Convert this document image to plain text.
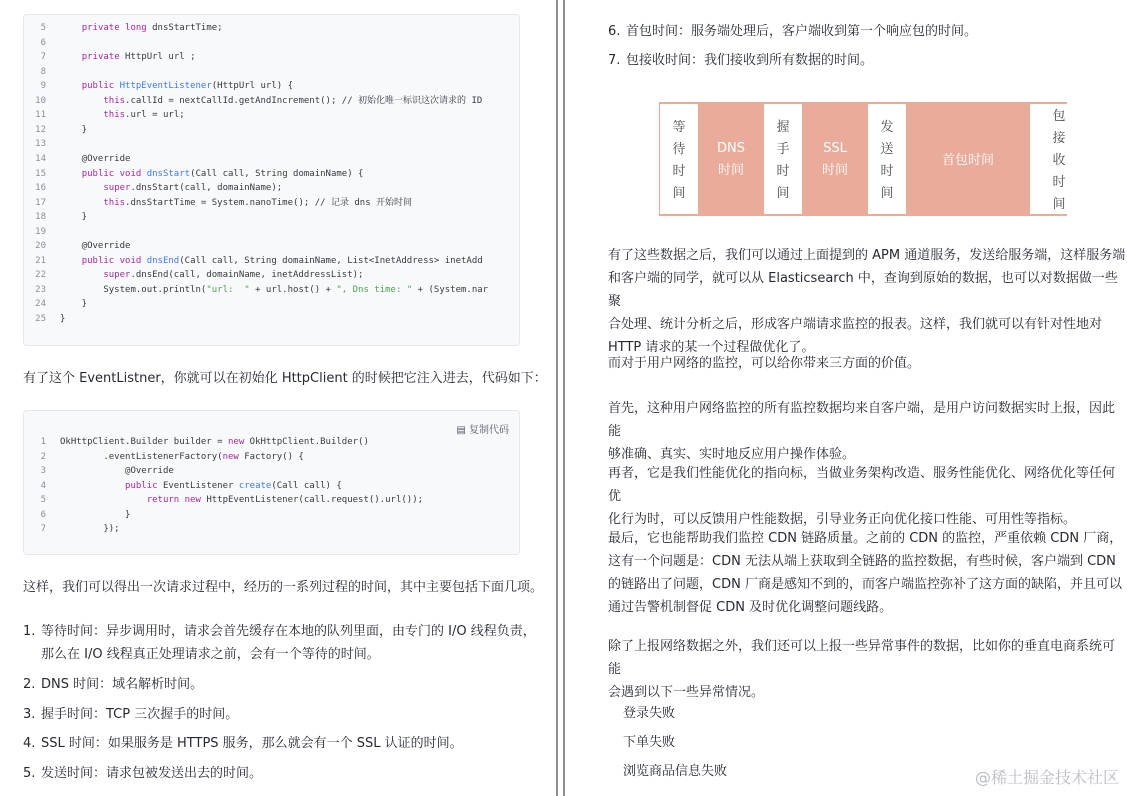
5	private long dnsStartTime;
6
7	private HttpUrl url ;
8
9	public HttpEventListener(HttpUrl url) {
10	this.callId = nextCallId.getAndIncrement(); // 初始化唯一标识这次请求的 ID
11	this.url = url;
12    }
13
14    @Override
15	public void dnsStart(Call call, String domainName) {
16	super.dnsStart(call, domainName);
17	this.dnsStartTime = System.nanoTime(); // 记录 dns 开始时间
18    }
19
20    @Override
21	public void dnsEnd(Call call, String domainName, List<InetAddress> inetAdd
22	super.dnsEnd(call, domainName, inetAddressList);
23        System.out.println("url:  " + url.host() + ", Dns time: " + (System.nar
24    }
25 }
有了这个 EventListner，你就可以在初始化 HttpClient 的时候把它注入进去，代码如下：
▤ 复制代码
1 OkHttpClient.Builder builder = new OkHttpClient.Builder()
2        .eventListenerFactory(new Factory() {
3            @Override
4	public EventListener create(Call call) {
5	return new HttpEventListener(call.request().url());
6            }
7        });
这样，我们可以得出一次请求过程中，经历的一系列过程的时间，其中主要包括下面几项。
1. 等待时间：异步调用时，请求会首先缓存在本地的队列里面，由专门的 I/O 线程负责，
那么在 I/O 线程真正处理请求之前，会有一个等待的时间。
2. DNS 时间：域名解析时间。
3. 握手时间：TCP 三次握手的时间。
4. SSL 时间：如果服务是 HTTPS 服务，那么就会有一个 SSL 认证的时间。
5. 发送时间：请求包被发送出去的时间。
6. 首包时间：服务端处理后，客户端收到第一个响应包的时间。
7. 包接收时间：我们接收到所有数据的时间。
等待时间
DNS 时间
握手时间
SSL 时间
发送时间
首包时间
包接收时间
有了这些数据之后，我们可以通过上面提到的 APM 通道服务，发送给服务端，这样服务端
和客户端的同学，就可以从 Elasticsearch 中，查询到原始的数据，也可以对数据做一些聚
合处理、统计分析之后，形成客户端请求监控的报表。这样，我们就可以有针对性地对
HTTP 请求的某一个过程做优化了。
而对于用户网络的监控，可以给你带来三方面的价值。
首先，这种用户网络监控的所有监控数据均来自客户端，是用户访问数据实时上报，因此能
够准确、真实、实时地反应用户操作体验。
再者，它是我们性能优化的指向标，当做业务架构改造、服务性能优化、网络优化等任何优
化行为时，可以反馈用户性能数据，引导业务正向优化接口性能、可用性等指标。
最后，它也能帮助我们监控 CDN 链路质量。之前的 CDN 的监控，严重依赖 CDN 厂商，
这有一个问题是：CDN 无法从端上获取到全链路的监控数据，有些时候，客户端到 CDN
的链路出了问题，CDN 厂商是感知不到的，而客户端监控弥补了这方面的缺陷，并且可以
通过告警机制督促 CDN 及时优化调整问题线路。
除了上报网络数据之外，我们还可以上报一些异常事件的数据，比如你的垂直电商系统可能
会遇到以下一些异常情况。
登录失败
下单失败
浏览商品信息失败	@稀土掘金技术社区
